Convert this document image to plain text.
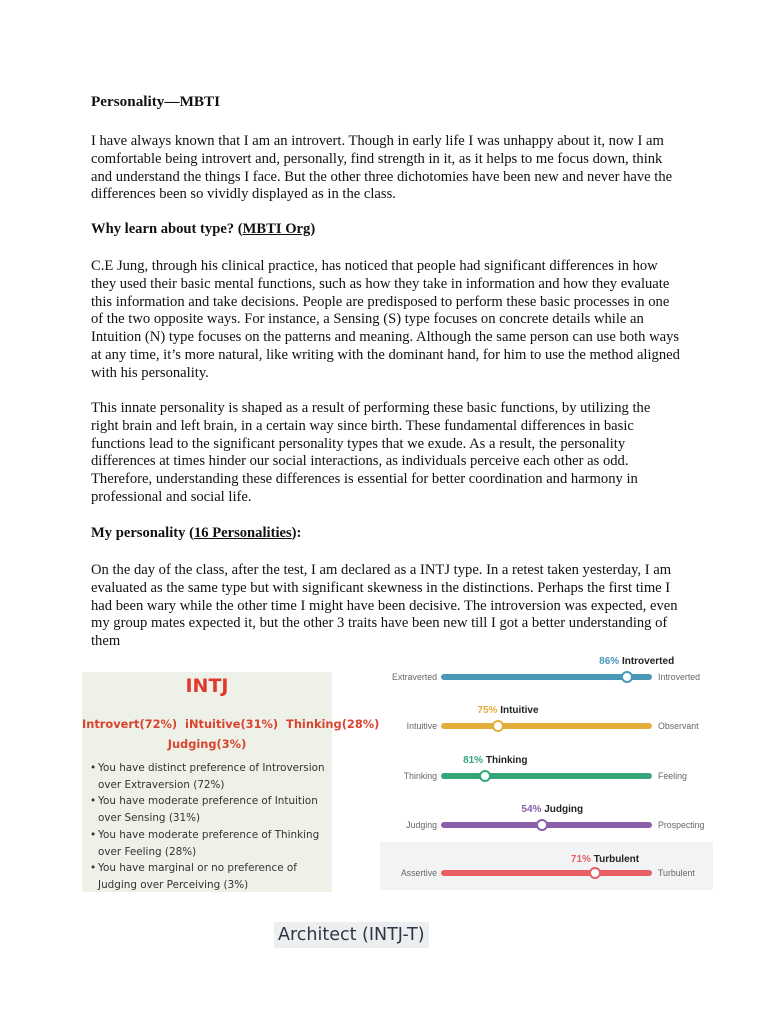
Personality—MBTI
I have always known that I am an introvert. Though in early life I was unhappy about it, now I am comfortable being introvert and, personally, find strength in it, as it helps to me focus down, think and understand the things I face. But the other three dichotomies have been new and never have the differences been so vividly displayed as in the class.
Why learn about type? (MBTI Org)
C.E Jung, through his clinical practice, has noticed that people had significant differences in how they used their basic mental functions, such as how they take in information and how they evaluate this information and take decisions. People are predisposed to perform these basic processes in one of the two opposite ways. For instance, a Sensing (S) type focuses on concrete details while an Intuition (N) type focuses on the patterns and meaning. Although the same person can use both ways at any time, it’s more natural, like writing with the dominant hand, for him to use the method aligned with his personality.
This innate personality is shaped as a result of performing these basic functions, by utilizing the right brain and left brain, in a certain way since birth. These fundamental differences in basic functions lead to the significant personality types that we exude. As a result, the personality differences at times hinder our social interactions, as individuals perceive each other as odd. Therefore, understanding these differences is essential for better coordination and harmony in professional and social life.
My personality (16 Personalities):
On the day of the class, after the test, I am declared as a INTJ type. In a retest taken yesterday, I am evaluated as the same type but with significant skewness in the distinctions. Perhaps the first time I had been wary while the other time I might have been decisive. The introversion was expected, even my group mates expected it, but the other 3 traits have been new till I got a better understanding of them
INTJ
Introvert(72%)  iNtuitive(31%)  Thinking(28%)
Judging(3%)
• You have distinct preference of Introversion over Extraversion (72%)
• You have moderate preference of Intuition over Sensing (31%)
• You have moderate preference of Thinking over Feeling (28%)
• You have marginal or no preference of Judging over Perceiving (3%)
86% Introverted
Extraverted	Introverted
75% Intuitive
Intuitive	Observant
81% Thinking
Thinking	Feeling
54% Judging
Judging	Prospecting
71% Turbulent
Assertive	Turbulent
Architect (INTJ-T)
